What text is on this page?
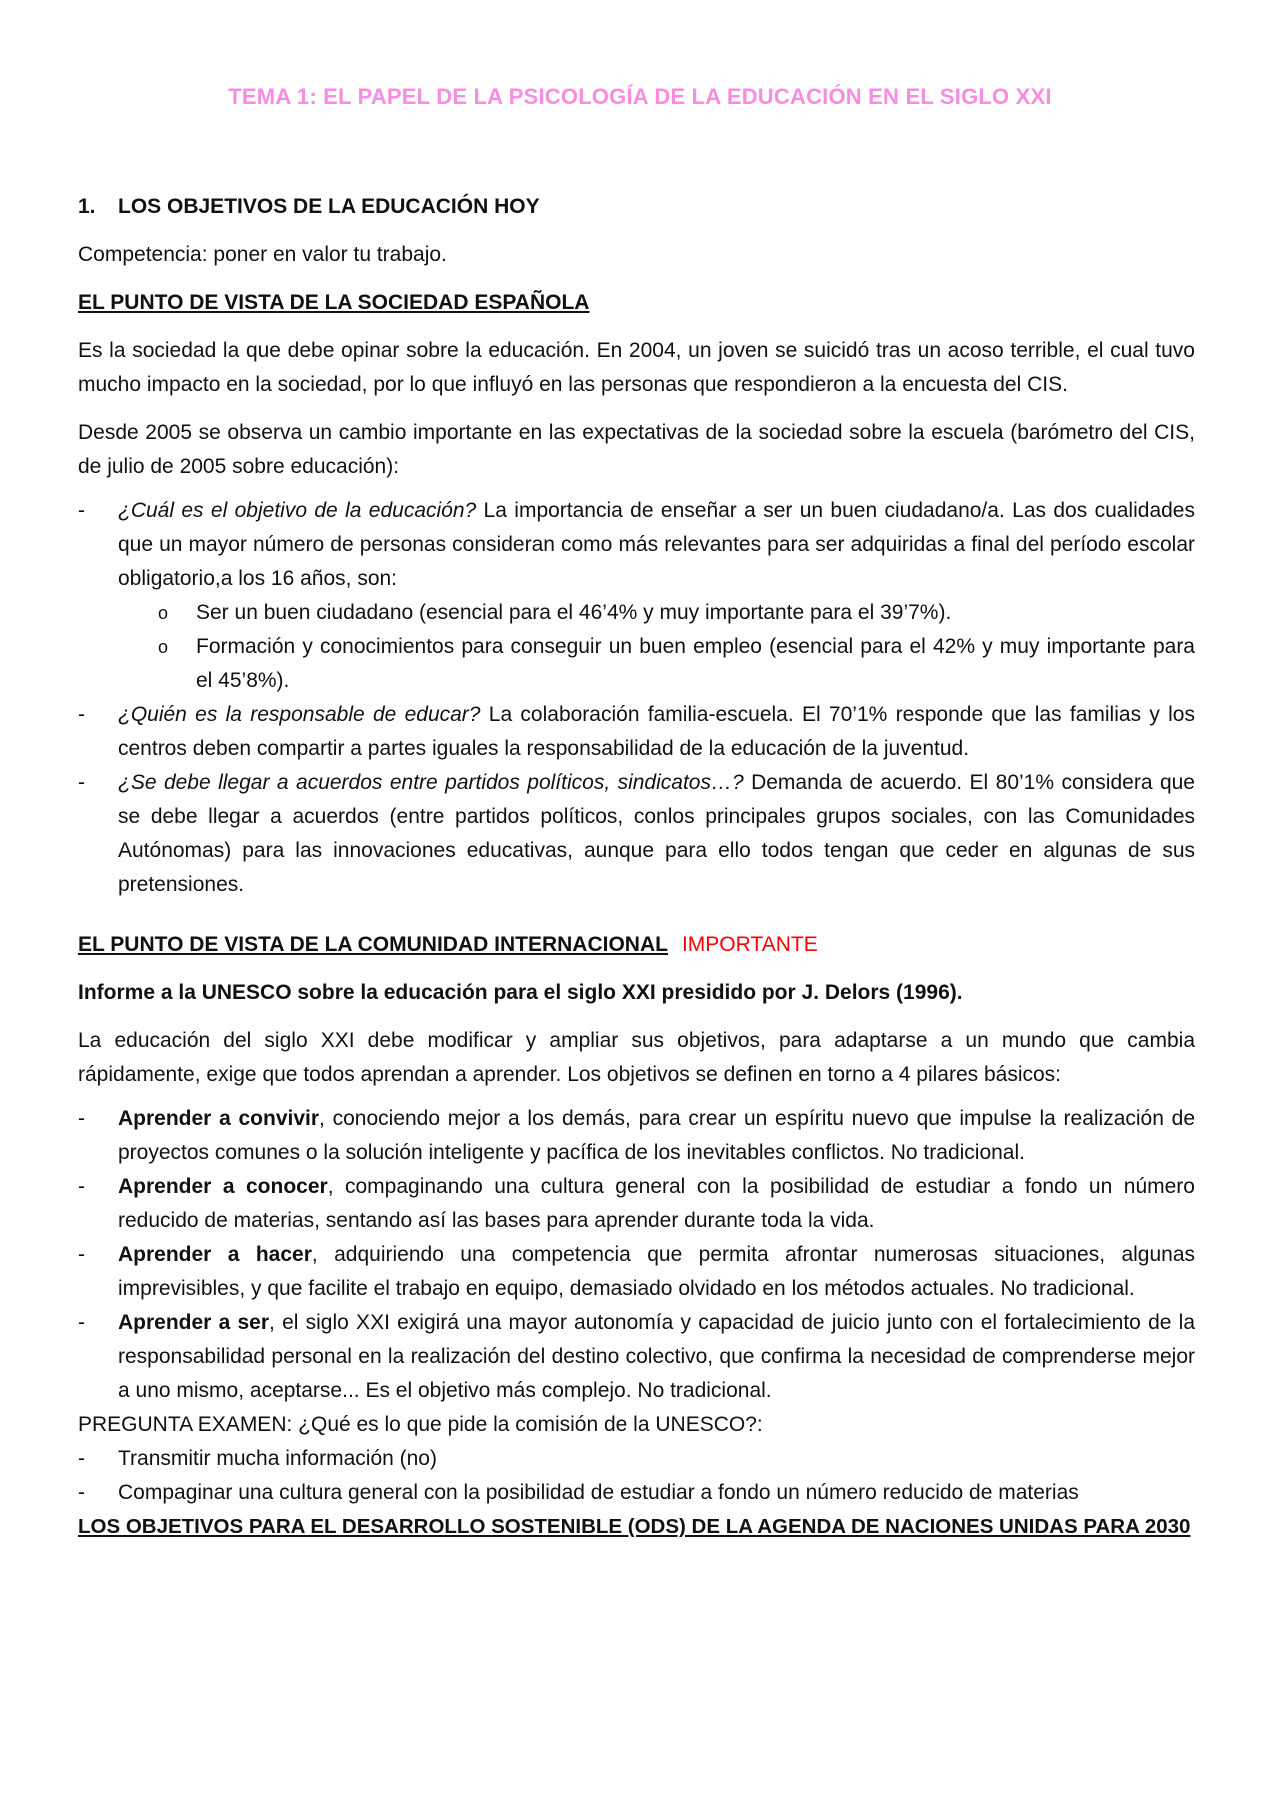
TEMA 1: EL PAPEL DE LA PSICOLOGÍA DE LA EDUCACIÓN EN EL SIGLO XXI
1. LOS OBJETIVOS DE LA EDUCACIÓN HOY
Competencia: poner en valor tu trabajo.
EL PUNTO DE VISTA DE LA SOCIEDAD ESPAÑOLA
Es la sociedad la que debe opinar sobre la educación. En 2004, un joven se suicidó tras un acoso terrible, el cual tuvo mucho impacto en la sociedad, por lo que influyó en las personas que respondieron a la encuesta del CIS.
Desde 2005 se observa un cambio importante en las expectativas de la sociedad sobre la escuela (barómetro del CIS, de julio de 2005 sobre educación):
- ¿Cuál es el objetivo de la educación? La importancia de enseñar a ser un buen ciudadano/a. Las dos cualidades que un mayor número de personas consideran como más relevantes para ser adquiridas a final del período escolar obligatorio,a los 16 años, son:
o Ser un buen ciudadano (esencial para el 46’4% y muy importante para el 39’7%).
o Formación y conocimientos para conseguir un buen empleo (esencial para el 42% y muy importante para el 45’8%).
- ¿Quién es la responsable de educar? La colaboración familia-escuela. El 70’1% responde que las familias y los centros deben compartir a partes iguales la responsabilidad de la educación de la juventud.
- ¿Se debe llegar a acuerdos entre partidos políticos, sindicatos…? Demanda de acuerdo. El 80’1% considera que se debe llegar a acuerdos (entre partidos políticos, conlos principales grupos sociales, con las Comunidades Autónomas) para las innovaciones educativas, aunque para ello todos tengan que ceder en algunas de sus pretensiones.
EL PUNTO DE VISTA DE LA COMUNIDAD INTERNACIONAL IMPORTANTE
Informe a la UNESCO sobre la educación para el siglo XXI presidido por J. Delors (1996).
La educación del siglo XXI debe modificar y ampliar sus objetivos, para adaptarse a un mundo que cambia rápidamente, exige que todos aprendan a aprender. Los objetivos se definen en torno a 4 pilares básicos:
- Aprender a convivir, conociendo mejor a los demás, para crear un espíritu nuevo que impulse la realización de proyectos comunes o la solución inteligente y pacífica de los inevitables conflictos. No tradicional.
- Aprender a conocer, compaginando una cultura general con la posibilidad de estudiar a fondo un número reducido de materias, sentando así las bases para aprender durante toda la vida.
- Aprender a hacer, adquiriendo una competencia que permita afrontar numerosas situaciones, algunas imprevisibles, y que facilite el trabajo en equipo, demasiado olvidado en los métodos actuales. No tradicional.
- Aprender a ser, el siglo XXI exigirá una mayor autonomía y capacidad de juicio junto con el fortalecimiento de la responsabilidad personal en la realización del destino colectivo, que confirma la necesidad de comprenderse mejor a uno mismo, aceptarse... Es el objetivo más complejo. No tradicional.
PREGUNTA EXAMEN: ¿Qué es lo que pide la comisión de la UNESCO?:
- Transmitir mucha información (no)
- Compaginar una cultura general con la posibilidad de estudiar a fondo un número reducido de materias
LOS OBJETIVOS PARA EL DESARROLLO SOSTENIBLE (ODS) DE LA AGENDA DE NACIONES UNIDAS PARA 2030
